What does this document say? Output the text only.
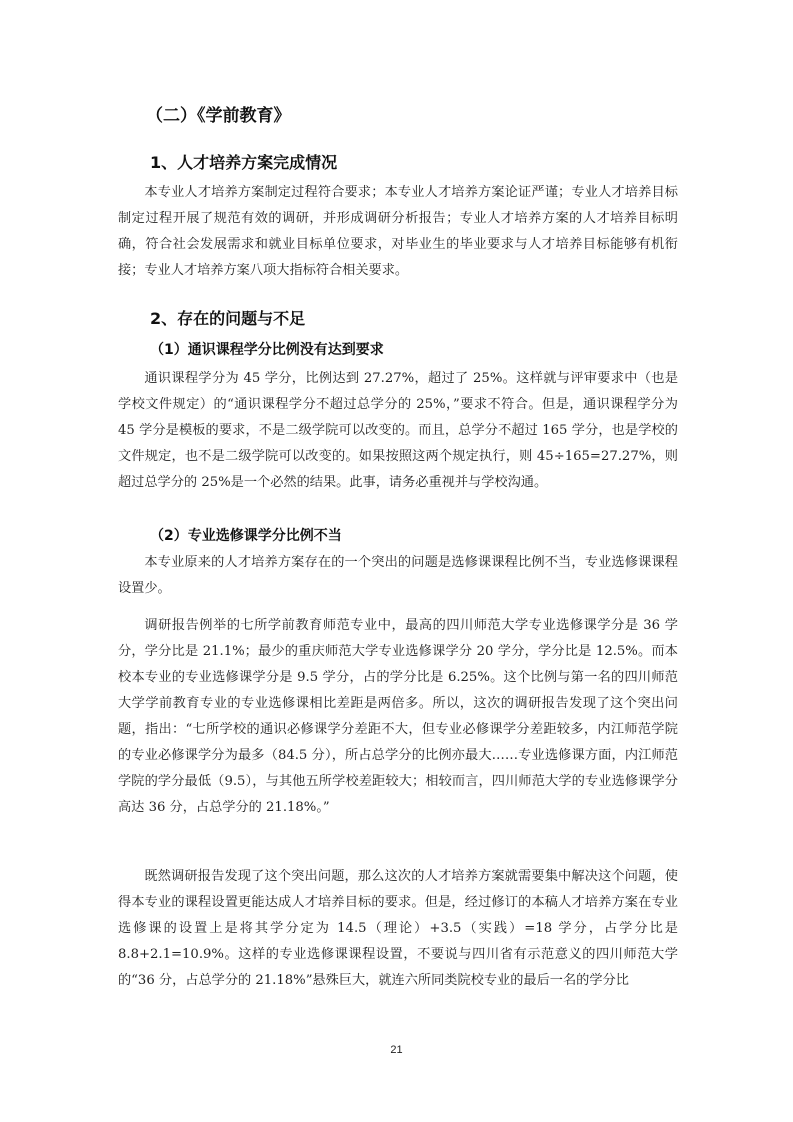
（二）《学前教育》
1、人才培养方案完成情况

本专业人才培养方案制定过程符合要求；本专业人才培养方案论证严谨；专业人才培养目标制定过程开展了规范有效的调研，并形成调研分析报告；专业人才培养方案的人才培养目标明确，符合社会发展需求和就业目标单位要求，对毕业生的毕业要求与人才培养目标能够有机衔接；专业人才培养方案八项大指标符合相关要求。

2、存在的问题与不足
（1）通识课程学分比例没有达到要求

通识课程学分为 45 学分，比例达到 27.27%，超过了 25%。这样就与评审要求中（也是学校文件规定）的“通识课程学分不超过总学分的 25%，”要求不符合。但是，通识课程学分为 45 学分是模板的要求，不是二级学院可以改变的。而且，总学分不超过 165 学分，也是学校的文件规定，也不是二级学院可以改变的。如果按照这两个规定执行，则 45÷165=27.27%，则超过总学分的 25%是一个必然的结果。此事，请务必重视并与学校沟通。

（2）专业选修课学分比例不当

本专业原来的人才培养方案存在的一个突出的问题是选修课课程比例不当，专业选修课课程设置少。

调研报告例举的七所学前教育师范专业中，最高的四川师范大学专业选修课学分是 36 学分，学分比是 21.1%；最少的重庆师范大学专业选修课学分 20 学分，学分比是 12.5%。而本校本专业的专业选修课学分是 9.5 学分，占的学分比是 6.25%。这个比例与第一名的四川师范大学学前教育专业的专业选修课相比差距是两倍多。所以，这次的调研报告发现了这个突出问题，指出：“七所学校的通识必修课学分差距不大，但专业必修课学分差距较多，内江师范学院的专业必修课学分为最多（84.5 分），所占总学分的比例亦最大……专业选修课方面，内江师范学院的学分最低（9.5），与其他五所学校差距较大；相较而言，四川师范大学的专业选修课学分高达 36 分，占总学分的 21.18%。”

既然调研报告发现了这个突出问题，那么这次的人才培养方案就需要集中解决这个问题，使得本专业的课程设置更能达成人才培养目标的要求。但是，经过修订的本稿人才培养方案在专业选修课的设置上是将其学分定为 14.5（理论）+3.5（实践）=18 学分，占学分比是 8.8+2.1=10.9%。这样的专业选修课课程设置，不要说与四川省有示范意义的四川师范大学的“36 分，占总学分的 21.18%”悬殊巨大，就连六所同类院校专业的最后一名的学分比

21
